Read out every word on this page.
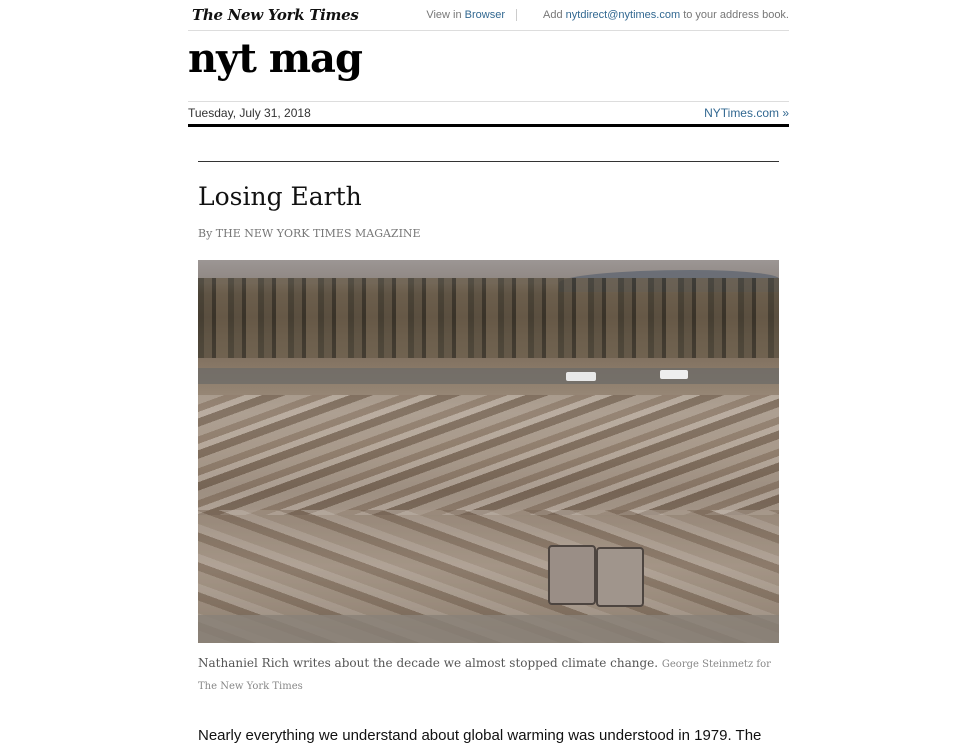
The New York Times	View in Browser	Add nytdirect@nytimes.com to your address book.
nyt mag
Tuesday, July 31, 2018	NYTimes.com »
Losing Earth
By THE NEW YORK TIMES MAGAZINE
Nathaniel Rich writes about the decade we almost stopped climate change. George Steinmetz for The New York Times
Nearly everything we understand about global warming was understood in 1979. The
